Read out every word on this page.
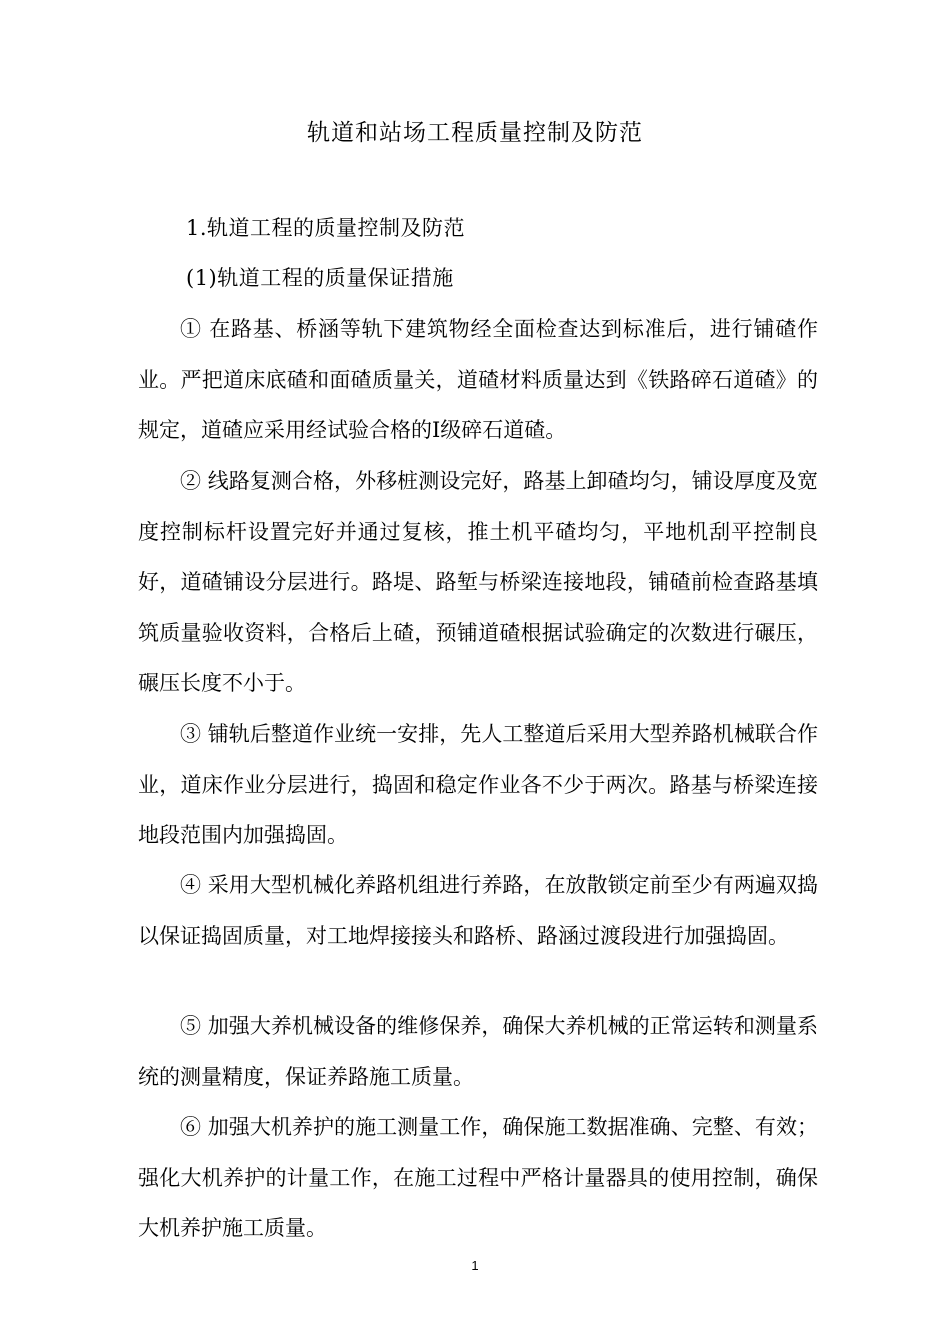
轨道和站场工程质量控制及防范
1.轨道工程的质量控制及防范
(1)轨道工程的质量保证措施

① 在路基、桥涵等轨下建筑物经全面检查达到标准后，进行铺碴作业。严把道床底碴和面碴质量关，道碴材料质量达到《铁路碎石道碴》的规定，道碴应采用经试验合格的Ⅰ级碎石道碴。

② 线路复测合格，外移桩测设完好，路基上卸碴均匀，铺设厚度及宽度控制标杆设置完好并通过复核，推土机平碴均匀，平地机刮平控制良好，道碴铺设分层进行。路堤、路堑与桥梁连接地段，铺碴前检查路基填筑质量验收资料，合格后上碴，预铺道碴根据试验确定的次数进行碾压，碾压长度不小于。

③ 铺轨后整道作业统一安排，先人工整道后采用大型养路机械联合作业，道床作业分层进行，捣固和稳定作业各不少于两次。路基与桥梁连接地段范围内加强捣固。

④ 采用大型机械化养路机组进行养路，在放散锁定前至少有两遍双捣以保证捣固质量，对工地焊接接头和路桥、路涵过渡段进行加强捣固。

⑤ 加强大养机械设备的维修保养，确保大养机械的正常运转和测量系统的测量精度，保证养路施工质量。

⑥ 加强大机养护的施工测量工作，确保施工数据准确、完整、有效；强化大机养护的计量工作，在施工过程中严格计量器具的使用控制，确保大机养护施工质量。

1
